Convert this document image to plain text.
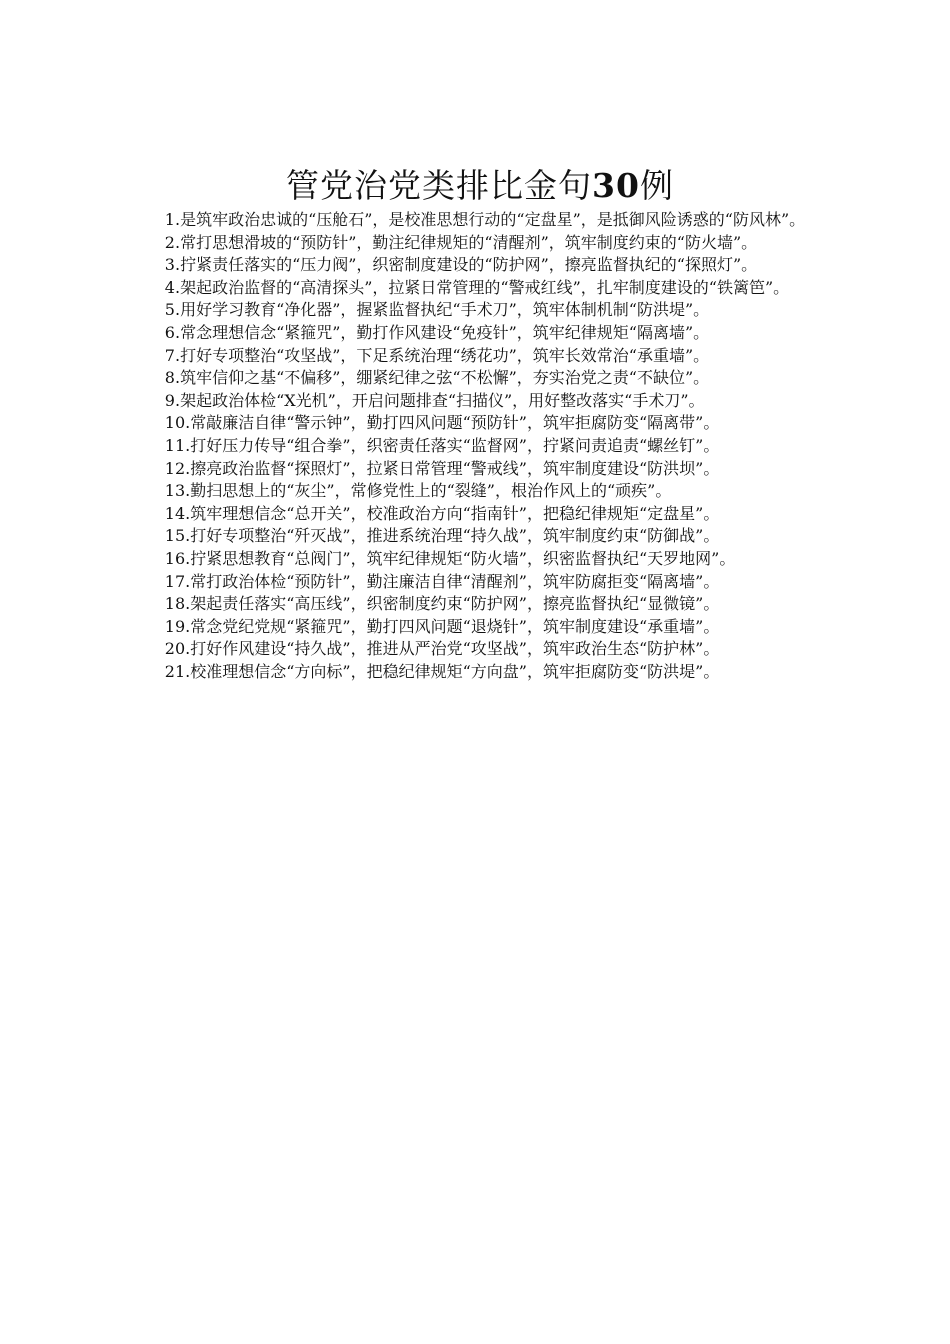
管党治党类排比金句30例

1.是筑牢政治忠诚的“压舱石”，是校准思想行动的“定盘星”，是抵御风险诱惑的“防风林”。

2.常打思想滑坡的“预防针”，勤注纪律规矩的“清醒剂”，筑牢制度约束的“防火墙”。

3.拧紧责任落实的“压力阀”，织密制度建设的“防护网”，擦亮监督执纪的“探照灯”。

4.架起政治监督的“高清探头”，拉紧日常管理的“警戒红线”，扎牢制度建设的“铁篱笆”。

5.用好学习教育“净化器”，握紧监督执纪“手术刀”，筑牢体制机制“防洪堤”。

6.常念理想信念“紧箍咒”，勤打作风建设“免疫针”，筑牢纪律规矩“隔离墙”。

7.打好专项整治“攻坚战”，下足系统治理“绣花功”，筑牢长效常治“承重墙”。

8.筑牢信仰之基“不偏移”，绷紧纪律之弦“不松懈”，夯实治党之责“不缺位”。

9.架起政治体检“X光机”，开启问题排查“扫描仪”，用好整改落实“手术刀”。

10.常敲廉洁自律“警示钟”，勤打四风问题“预防针”，筑牢拒腐防变“隔离带”。

11.打好压力传导“组合拳”，织密责任落实“监督网”，拧紧问责追责“螺丝钉”。

12.擦亮政治监督“探照灯”，拉紧日常管理“警戒线”，筑牢制度建设“防洪坝”。

13.勤扫思想上的“灰尘”，常修党性上的“裂缝”，根治作风上的“顽疾”。

14.筑牢理想信念“总开关”，校准政治方向“指南针”，把稳纪律规矩“定盘星”。

15.打好专项整治“歼灭战”，推进系统治理“持久战”，筑牢制度约束“防御战”。

16.拧紧思想教育“总阀门”，筑牢纪律规矩“防火墙”，织密监督执纪“天罗地网”。

17.常打政治体检“预防针”，勤注廉洁自律“清醒剂”，筑牢防腐拒变“隔离墙”。

18.架起责任落实“高压线”，织密制度约束“防护网”，擦亮监督执纪“显微镜”。

19.常念党纪党规“紧箍咒”，勤打四风问题“退烧针”，筑牢制度建设“承重墙”。

20.打好作风建设“持久战”，推进从严治党“攻坚战”，筑牢政治生态“防护林”。

21.校准理想信念“方向标”，把稳纪律规矩“方向盘”，筑牢拒腐防变“防洪堤”。
